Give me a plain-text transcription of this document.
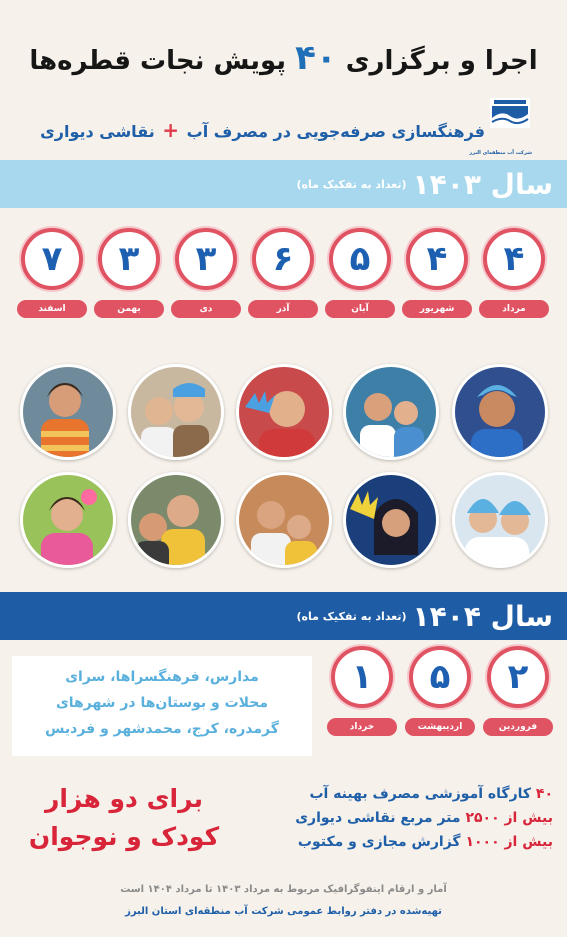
اجرا و برگزاری ۴۰ پویش نجات قطره‌ها
شرکت آب منطقه‌ای البرز
فرهنگسازی صرفه‌جویی در مصرف آب + نقاشی دیواری
سال ۱۴۰۳
(تعداد به تفکیک ماه)
۴
مرداد
۴
شهریور
۵
آبان
۶
آذر
۳
دی
۳
بهمن
۷
اسفند
سال ۱۴۰۴
(تعداد به تفکیک ماه)
مدارس، فرهنگسراها، سرای
محلات و بوستان‌ها در شهرهای
گرمدره، کرج، محمدشهر و فردیس
۲
فروردین
۵
اردیبهشت
۱
خرداد
برای دو هزار
کودک و نوجوان
۴۰ کارگاه آموزشی مصرف بهینه آب
بیش از ۲۵۰۰ متر مربع نقاشی دیواری
بیش از ۱۰۰۰ گزارش مجازی و مکتوب
آمار و ارقام اینفوگرافیک مربوط به مرداد ۱۴۰۳ تا مرداد ۱۴۰۴ است
تهیه‌شده در دفتر روابط عمومی شرکت آب منطقه‌ای استان البرز
